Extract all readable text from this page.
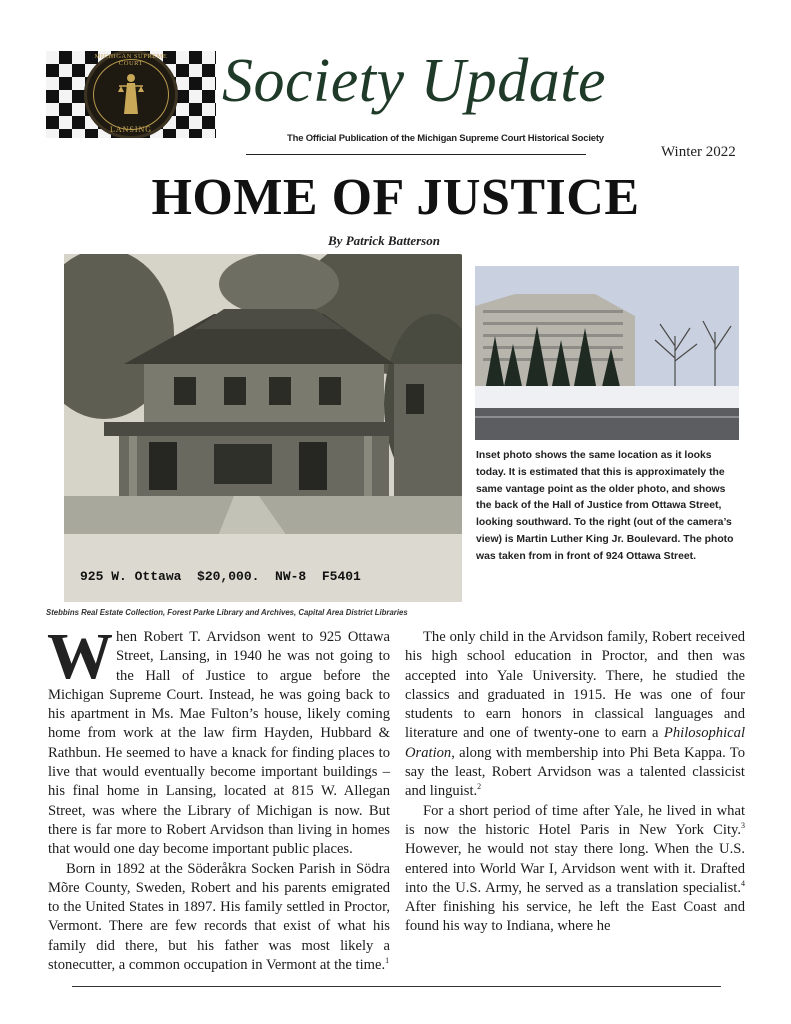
MICHIGAN SUPREME COURT
LANSING
Society Update
The Official Publication of the Michigan Supreme Court Historical Society
Winter 2022
HOME OF JUSTICE
By Patrick Batterson
925 W. Ottawa  $20,000.  NW-8  F5401
Stebbins Real Estate Collection, Forest Parke Library and Archives, Capital Area District Libraries
Inset photo shows the same location as it looks today. It is estimated that this is approximately the same vantage point as the older photo, and shows the back of the Hall of Justice from Ottawa Street, looking southward. To the right (out of the camera’s view) is Martin Luther King Jr. Boulevard. The photo was taken from in front of 924 Ottawa Street.

When Robert T. Arvidson went to 925 Ottawa Street, Lansing, in 1940 he was not going to the Hall of Justice to argue before the Michigan Supreme Court. Instead, he was going back to his apartment in Ms. Mae Fulton’s house, likely coming home from work at the law firm Hayden, Hubbard & Rathbun. He seemed to have a knack for finding places to live that would eventually become important buildings – his final home in Lansing, located at 815 W. Allegan Street, was where the Library of Michigan is now. But there is far more to Robert Arvidson than living in homes that would one day become important public places.

Born in 1892 at the Söderåkra Socken Parish in Södra Mõre County, Sweden, Robert and his parents emigrated to the United States in 1897. His family settled in Proctor, Vermont. There are few records that exist of what his family did there, but his father was most likely a stonecutter, a common occupation in Vermont at the time.$^1$

The only child in the Arvidson family, Robert received his high school education in Proctor, and then was accepted into Yale University. There, he studied the classics and graduated in 1915. He was one of four students to earn honors in classical languages and literature and one of twenty-one to earn a Philosophical Oration, along with membership into Phi Beta Kappa. To say the least, Robert Arvidson was a talented classicist and linguist.$^2$

For a short period of time after Yale, he lived in what is now the historic Hotel Paris in New York City.$^3$ However, he would not stay there long. When the U.S. entered into World War I, Arvidson went with it. Drafted into the U.S. Army, he served as a translation specialist.$^4$ After finishing his service, he left the East Coast and found his way to Indiana, where he
